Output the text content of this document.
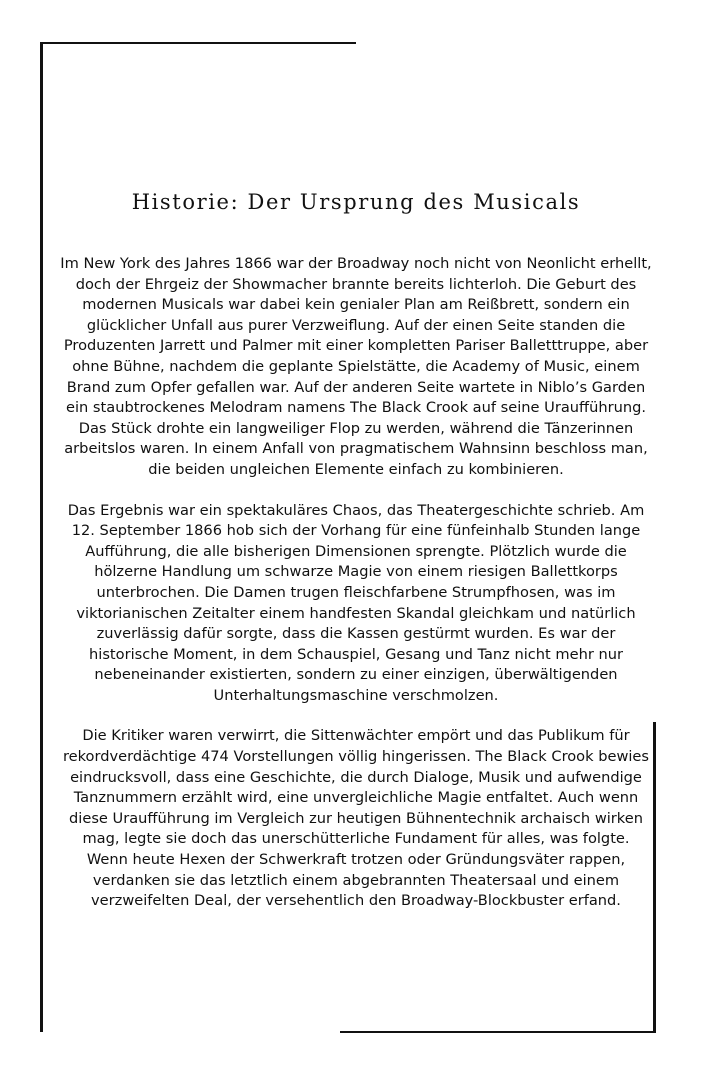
Historie: Der Ursprung des Musicals

Im New York des Jahres 1866 war der Broadway noch nicht von Neonlicht erhellt, doch der Ehrgeiz der Showmacher brannte bereits lichterloh. Die Geburt des modernen Musicals war dabei kein genialer Plan am Reißbrett, sondern ein glücklicher Unfall aus purer Verzweiflung. Auf der einen Seite standen die Produzenten Jarrett und Palmer mit einer kompletten Pariser Balletttruppe, aber ohne Bühne, nachdem die geplante Spielstätte, die Academy of Music, einem Brand zum Opfer gefallen war. Auf der anderen Seite wartete in Niblo’s Garden ein staubtrockenes Melodram namens The Black Crook auf seine Uraufführung. Das Stück drohte ein langweiliger Flop zu werden, während die Tänzerinnen arbeitslos waren. In einem Anfall von pragmatischem Wahnsinn beschloss man, die beiden ungleichen Elemente einfach zu kombinieren.

Das Ergebnis war ein spektakuläres Chaos, das Theatergeschichte schrieb. Am 12. September 1866 hob sich der Vorhang für eine fünfeinhalb Stunden lange Aufführung, die alle bisherigen Dimensionen sprengte. Plötzlich wurde die hölzerne Handlung um schwarze Magie von einem riesigen Ballettkorps unterbrochen. Die Damen trugen fleischfarbene Strumpfhosen, was im viktorianischen Zeitalter einem handfesten Skandal gleichkam und natürlich zuverlässig dafür sorgte, dass die Kassen gestürmt wurden. Es war der historische Moment, in dem Schauspiel, Gesang und Tanz nicht mehr nur nebeneinander existierten, sondern zu einer einzigen, überwältigenden Unterhaltungsmaschine verschmolzen.

Die Kritiker waren verwirrt, die Sittenwächter empört und das Publikum für rekordverdächtige 474 Vorstellungen völlig hingerissen. The Black Crook bewies eindrucksvoll, dass eine Geschichte, die durch Dialoge, Musik und aufwendige Tanznummern erzählt wird, eine unvergleichliche Magie entfaltet. Auch wenn diese Uraufführung im Vergleich zur heutigen Bühnentechnik archaisch wirken mag, legte sie doch das unerschütterliche Fundament für alles, was folgte. Wenn heute Hexen der Schwerkraft trotzen oder Gründungsväter rappen, verdanken sie das letztlich einem abgebrannten Theatersaal und einem verzweifelten Deal, der versehentlich den Broadway-Blockbuster erfand.
